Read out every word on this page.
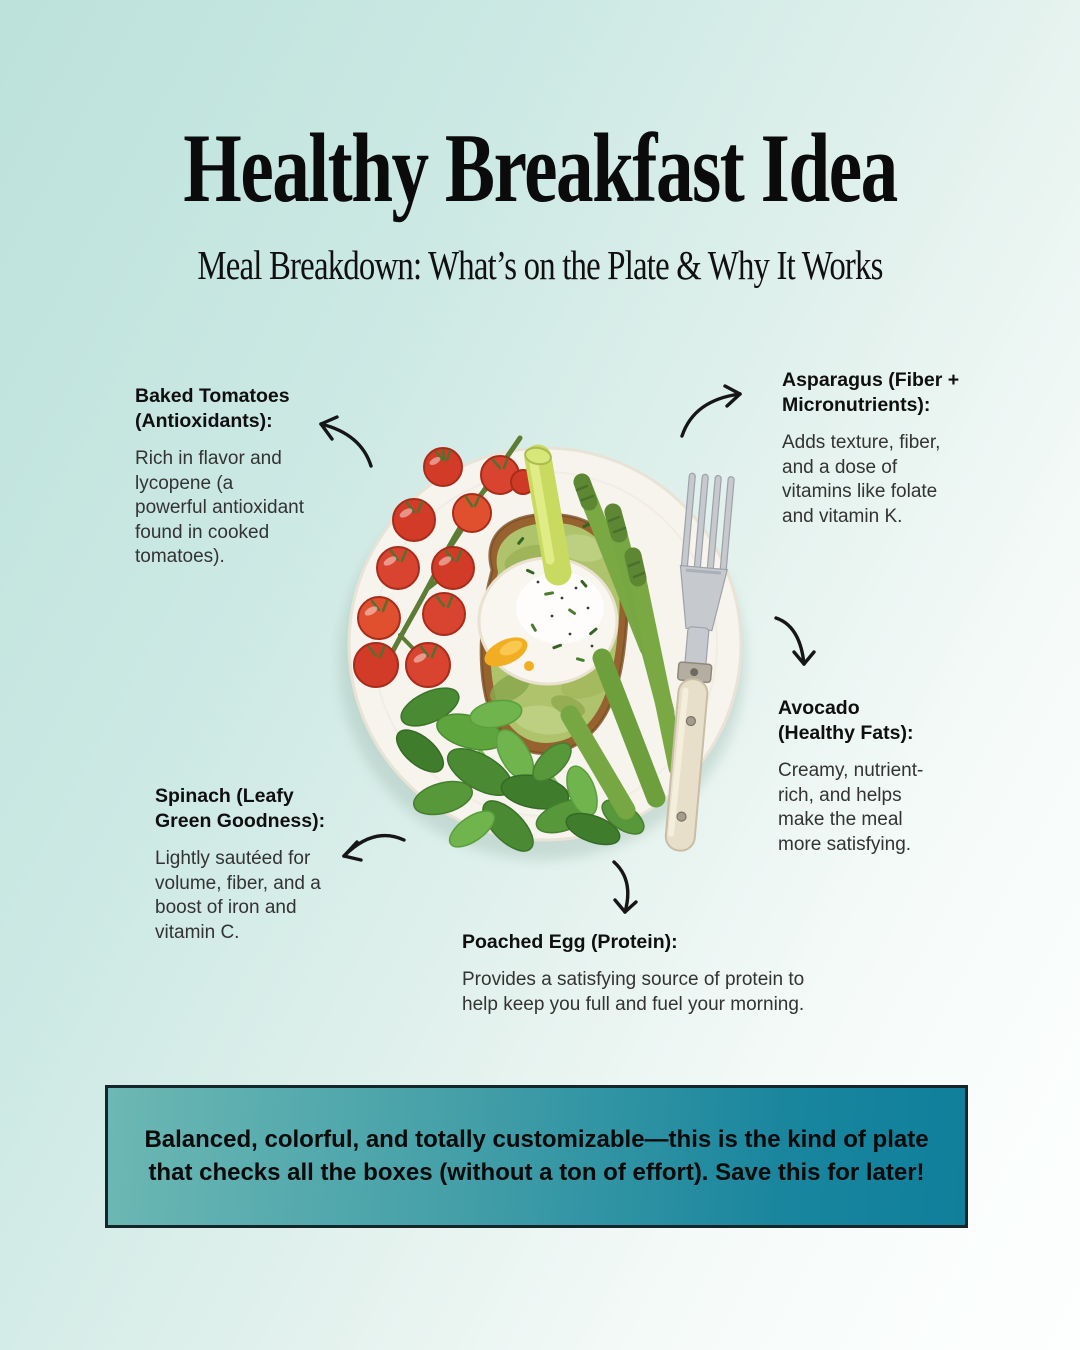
Healthy Breakfast Idea
Meal Breakdown: What’s on the Plate & Why It Works
Baked Tomatoes (Antioxidants):

Rich in flavor and lycopene (a powerful antioxidant found in cooked tomatoes).

Asparagus (Fiber + Micronutrients):

Adds texture, fiber, and a dose of vitamins like folate and vitamin K.

Avocado (Healthy Fats):

Creamy, nutrient-rich, and helps make the meal more satisfying.

Spinach (Leafy Green Goodness):

Lightly sautéed for volume, fiber, and a boost of iron and vitamin C.	Poached Egg (Protein):

Provides a satisfying source of protein to help keep you full and fuel your morning.

Balanced, colorful, and totally customizable—this is the kind of plate that checks all the boxes (without a ton of effort). Save this for later!
